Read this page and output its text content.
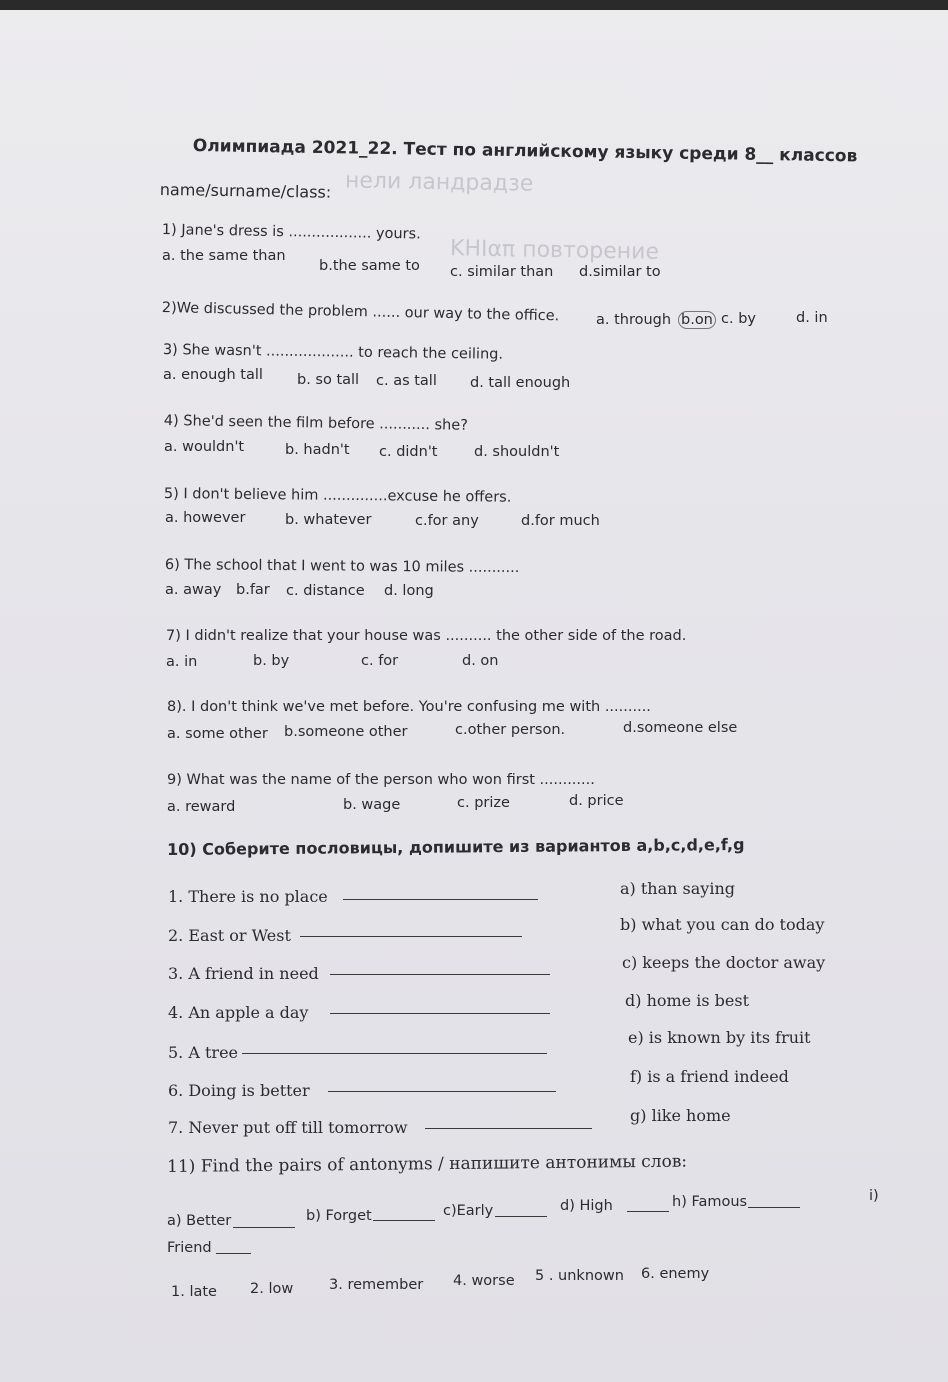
нели ландрадзе
ΚΗΙαπ повторение
Олимпиада 2021_22. Тест по английскому языку среди 8__ классов
name/surname/class:
1) Jane's dress is .................. yours.
a. the same than
b.the same to c. similar than d.similar to
2)We discussed the problem ...... our way to the office.	a. through b.on c. by	d. in
3) She wasn't ................... to reach the ceiling.
a. enough tall b. so tall c. as tall d. tall enough
4) She'd seen the film before ........... she?
a. wouldn't	b. hadn't c. didn't	d. shouldn't
5) I don't believe him ..............excuse he offers.
a. however	b. whatever	c.for any	d.for much
6) The school that I went to was 10 miles ...........
a. away b.far c. distance d. long
7) I didn't realize that your house was .......... the other side of the road.
a. in	b. by	c. for	d. on
8). I don't think we've met before. You're confusing me with ..........
a. some other b.someone other	c.other person.	d.someone else
9) What was the name of the person who won first ............
a. reward	b. wage	c. prize	d. price
10) Соберите пословицы, допишите из вариантов a,b,c,d,e,f,g
1. There is no place
2. East or West
3. A friend in need
4. An apple a day
5. A tree
6. Doing is better
7. Never put off till tomorrow
a) than saying
b) what you can do today
c) keeps the doctor away
d) home is best
e) is known by its fruit
f) is a friend indeed
g) like home
11) Find the pairs of antonyms / напишите антонимы слов:
a) Better	b) Forget	c)Early	d) High	h) Famous	i)
Friend
1. late 2. low 3. remember 4. worse 5 . unknown 6. enemy
